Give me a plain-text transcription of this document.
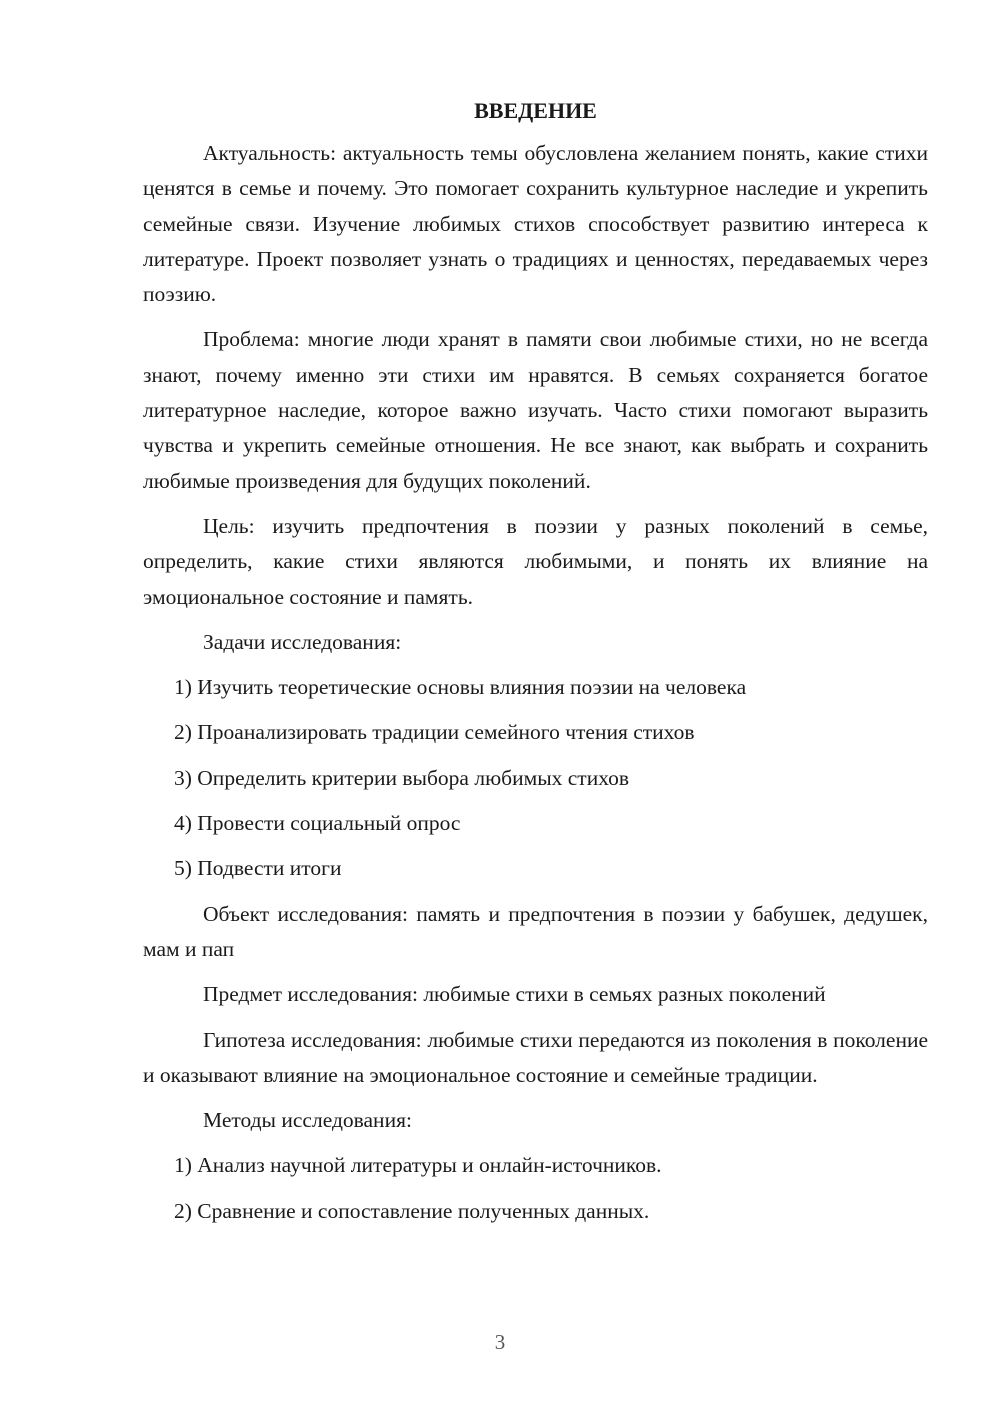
ВВЕДЕНИЕ

Актуальность: актуальность темы обусловлена желанием понять, какие стихи ценятся в семье и почему. Это помогает сохранить культурное наследие и укрепить семейные связи. Изучение любимых стихов способствует развитию интереса к литературе. Проект позволяет узнать о традициях и ценностях, передаваемых через поэзию.

Проблема: многие люди хранят в памяти свои любимые стихи, но не всегда знают, почему именно эти стихи им нравятся. В семьях сохраняется богатое литературное наследие, которое важно изучать. Часто стихи помогают выразить чувства и укрепить семейные отношения. Не все знают, как выбрать и сохранить любимые произведения для будущих поколений.

Цель: изучить предпочтения в поэзии у разных поколений в семье, определить, какие стихи являются любимыми, и понять их влияние на эмоциональное состояние и память.

Задачи исследования:

1) Изучить теоретические основы влияния поэзии на человека
2) Проанализировать традиции семейного чтения стихов
3) Определить критерии выбора любимых стихов
4) Провести социальный опрос
5) Подвести итоги

Объект исследования: память и предпочтения в поэзии у бабушек, дедушек, мам и пап

Предмет исследования: любимые стихи в семьях разных поколений

Гипотеза исследования: любимые стихи передаются из поколения в поколение и оказывают влияние на эмоциональное состояние и семейные традиции.

Методы исследования:

1) Анализ научной литературы и онлайн-источников.
2) Сравнение и сопоставление полученных данных.
3
